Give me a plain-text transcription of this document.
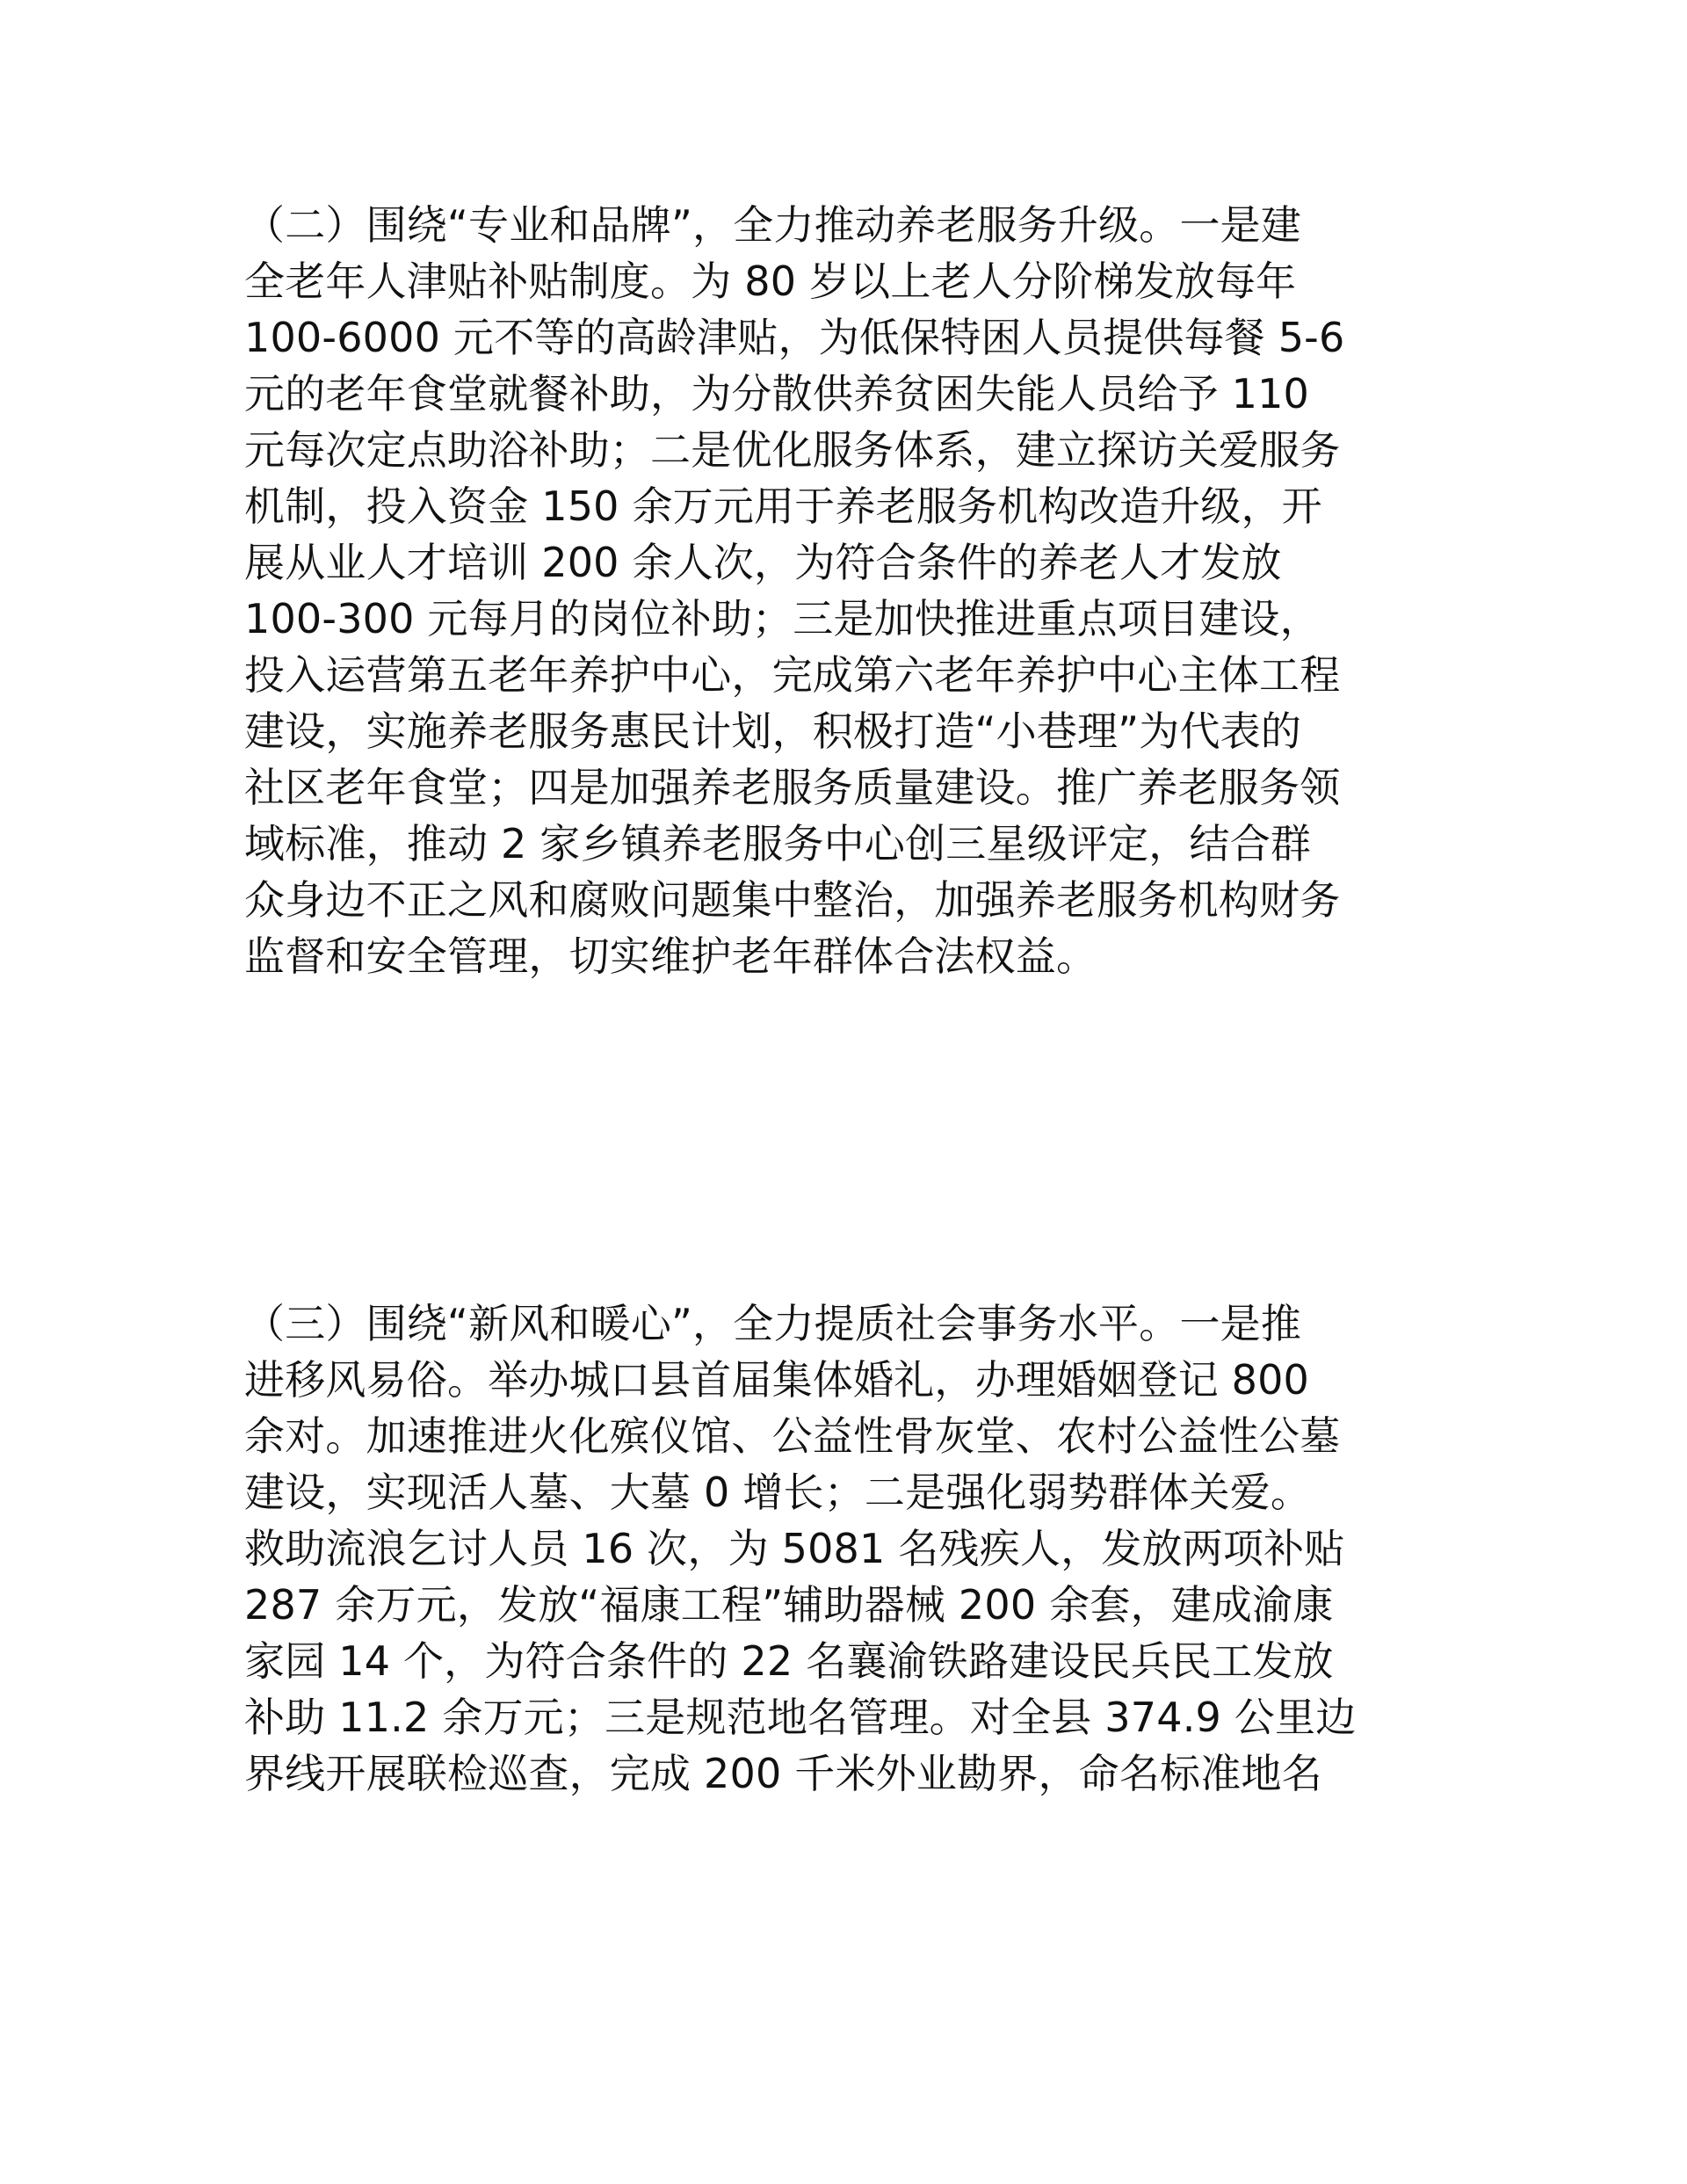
（二）围绕“专业和品牌”，全力推动养老服务升级。一是建
全老年人津贴补贴制度。为 80 岁以上老人分阶梯发放每年
100-6000 元不等的高龄津贴，为低保特困人员提供每餐 5-6
元的老年食堂就餐补助，为分散供养贫困失能人员给予 110
元每次定点助浴补助；二是优化服务体系，建立探访关爱服务
机制，投入资金 150 余万元用于养老服务机构改造升级，开
展从业人才培训 200 余人次，为符合条件的养老人才发放
100-300 元每月的岗位补助；三是加快推进重点项目建设，
投入运营第五老年养护中心，完成第六老年养护中心主体工程
建设，实施养老服务惠民计划，积极打造“小巷理”为代表的
社区老年食堂；四是加强养老服务质量建设。推广养老服务领
域标准，推动 2 家乡镇养老服务中心创三星级评定，结合群
众身边不正之风和腐败问题集中整治，加强养老服务机构财务
监督和安全管理，切实维护老年群体合法权益。
（三）围绕“新风和暖心”，全力提质社会事务水平。一是推
进移风易俗。举办城口县首届集体婚礼，办理婚姻登记 800
余对。加速推进火化殡仪馆、公益性骨灰堂、农村公益性公墓
建设，实现活人墓、大墓 0 增长；二是强化弱势群体关爱。
救助流浪乞讨人员 16 次，为 5081 名残疾人，发放两项补贴
287 余万元，发放“福康工程”辅助器械 200 余套，建成渝康
家园 14 个，为符合条件的 22 名襄渝铁路建设民兵民工发放
补助 11.2 余万元；三是规范地名管理。对全县 374.9 公里边
界线开展联检巡查，完成 200 千米外业勘界，命名标准地名
